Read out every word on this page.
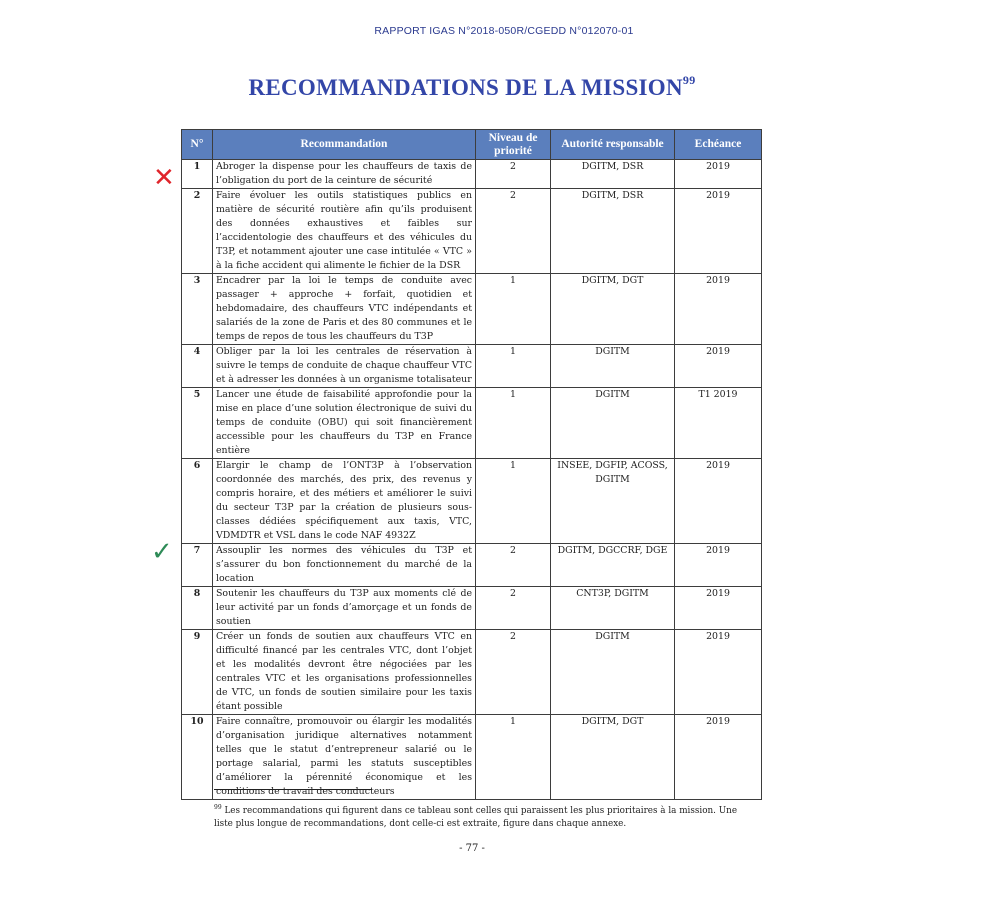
RAPPORT IGAS N°2018-050R/CGEDD N°012070-01
RECOMMANDATIONS DE LA MISSION$^{99}$
✕
✓
N°	Recommandation	Niveau de priorité	Autorité responsable	Echéance
1	Abroger la dispense pour les chauffeurs de taxis de l’obligation du port de la ceinture de sécurité	2	DGITM, DSR	2019
2	Faire évoluer les outils statistiques publics en matière de sécurité routière afin qu’ils produisent des données exhaustives et faibles sur l’accidentologie des chauffeurs et des véhicules du T3P, et notamment ajouter une case intitulée « VTC » à la fiche accident qui alimente le fichier de la DSR	2	DGITM, DSR	2019
3	Encadrer par la loi le temps de conduite avec passager + approche + forfait, quotidien et hebdomadaire, des chauffeurs VTC indépendants et salariés de la zone de Paris et des 80 communes et le temps de repos de tous les chauffeurs du T3P	1	DGITM, DGT	2019
4	Obliger par la loi les centrales de réservation à suivre le temps de conduite de chaque chauffeur VTC et à adresser les données à un organisme totalisateur	1	DGITM	2019
5	Lancer une étude de faisabilité approfondie pour la mise en place d’une solution électronique de suivi du temps de conduite (OBU) qui soit financièrement accessible pour les chauffeurs du T3P en France entière	1	DGITM	T1 2019
6	Elargir le champ de l’ONT3P à l’observation coordonnée des marchés, des prix, des revenus y compris horaire, et des métiers et améliorer le suivi du secteur T3P par la création de plusieurs sous-classes dédiées spécifiquement aux taxis, VTC, VDMDTR et VSL dans le code NAF 4932Z	1	INSEE, DGFIP, ACOSS, DGITM	2019
7	Assouplir les normes des véhicules du T3P et s’assurer du bon fonctionnement du marché de la location	2	DGITM, DGCCRF, DGE	2019
8	Soutenir les chauffeurs du T3P aux moments clé de leur activité par un fonds d’amorçage et un fonds de soutien	2	CNT3P, DGITM	2019
9	Créer un fonds de soutien aux chauffeurs VTC en difficulté financé par les centrales VTC, dont l’objet et les modalités devront être négociées par les centrales VTC et les organisations professionnelles de VTC, un fonds de soutien similaire pour les taxis étant possible	2	DGITM	2019
10	Faire connaître, promouvoir ou élargir les modalités d’organisation juridique alternatives notamment telles que le statut d’entrepreneur salarié ou le portage salarial, parmi les statuts susceptibles d’améliorer la pérennité économique et les conditions de travail des conducteurs	1	DGITM, DGT	2019
$^{99}$ Les recommandations qui figurent dans ce tableau sont celles qui paraissent les plus prioritaires à la mission. Une liste plus longue de recommandations, dont celle-ci est extraite, figure dans chaque annexe.
- 77 -
